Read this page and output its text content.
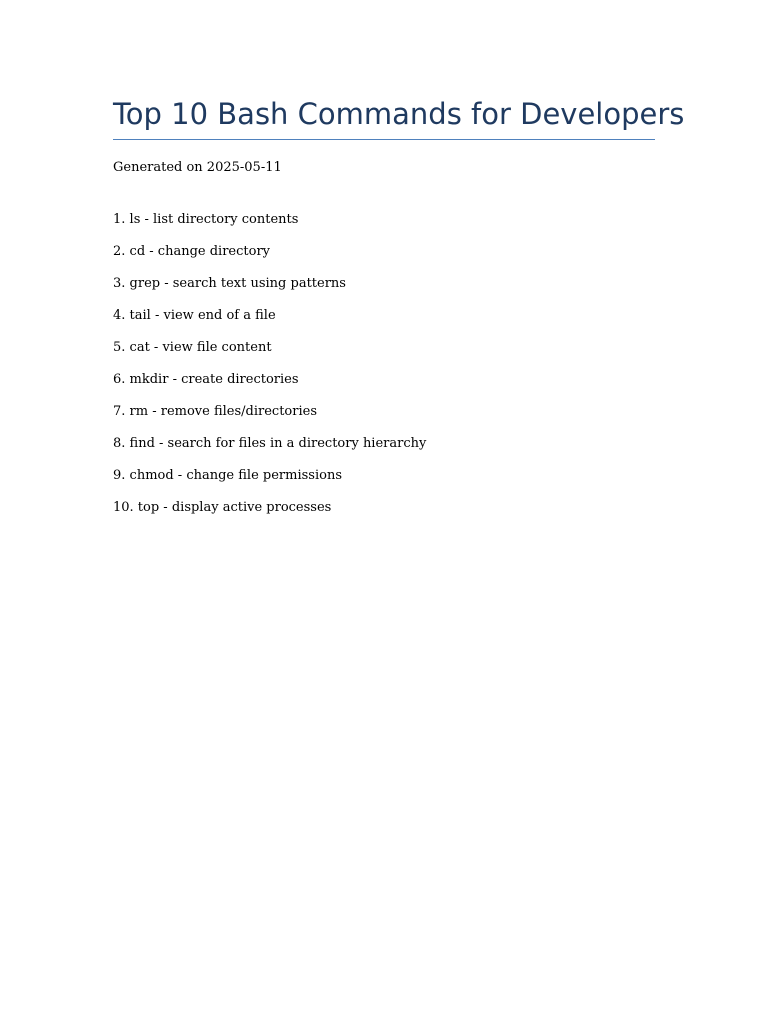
Top 10 Bash Commands for Developers
Generated on 2025-05-11
1. ls - list directory contents
2. cd - change directory
3. grep - search text using patterns
4. tail - view end of a file
5. cat - view file content
6. mkdir - create directories
7. rm - remove files/directories
8. find - search for files in a directory hierarchy
9. chmod - change file permissions
10. top - display active processes
